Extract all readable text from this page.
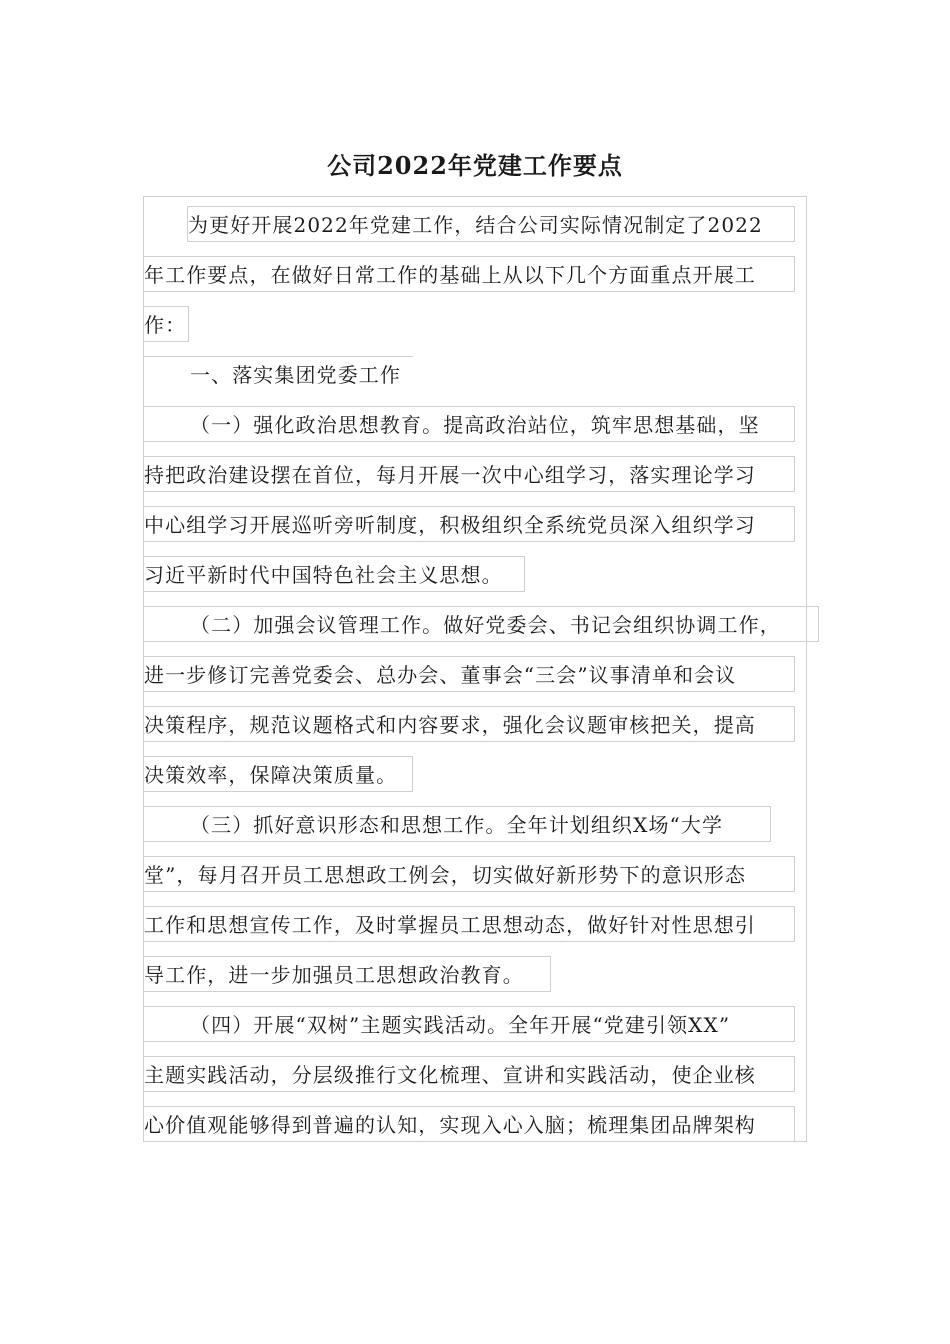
公司2022年党建工作要点
为更好开展2022年党建工作，结合公司实际情况制定了2022
年工作要点，在做好日常工作的基础上从以下几个方面重点开展工
作：
一、落实集团党委工作
（一）强化政治思想教育。提高政治站位，筑牢思想基础，坚
持把政治建设摆在首位，每月开展一次中心组学习，落实理论学习
中心组学习开展巡听旁听制度，积极组织全系统党员深入组织学习
习近平新时代中国特色社会主义思想。
（二）加强会议管理工作。做好党委会、书记会组织协调工作，
进一步修订完善党委会、总办会、董事会“三会”议事清单和会议
决策程序，规范议题格式和内容要求，强化会议题审核把关，提高
决策效率，保障决策质量。
（三）抓好意识形态和思想工作。全年计划组织X场“大学
堂”，每月召开员工思想政工例会，切实做好新形势下的意识形态
工作和思想宣传工作，及时掌握员工思想动态，做好针对性思想引
导工作，进一步加强员工思想政治教育。
（四）开展“双树”主题实践活动。全年开展“党建引领XX”
主题实践活动，分层级推行文化梳理、宣讲和实践活动，使企业核
心价值观能够得到普遍的认知，实现入心入脑；梳理集团品牌架构
